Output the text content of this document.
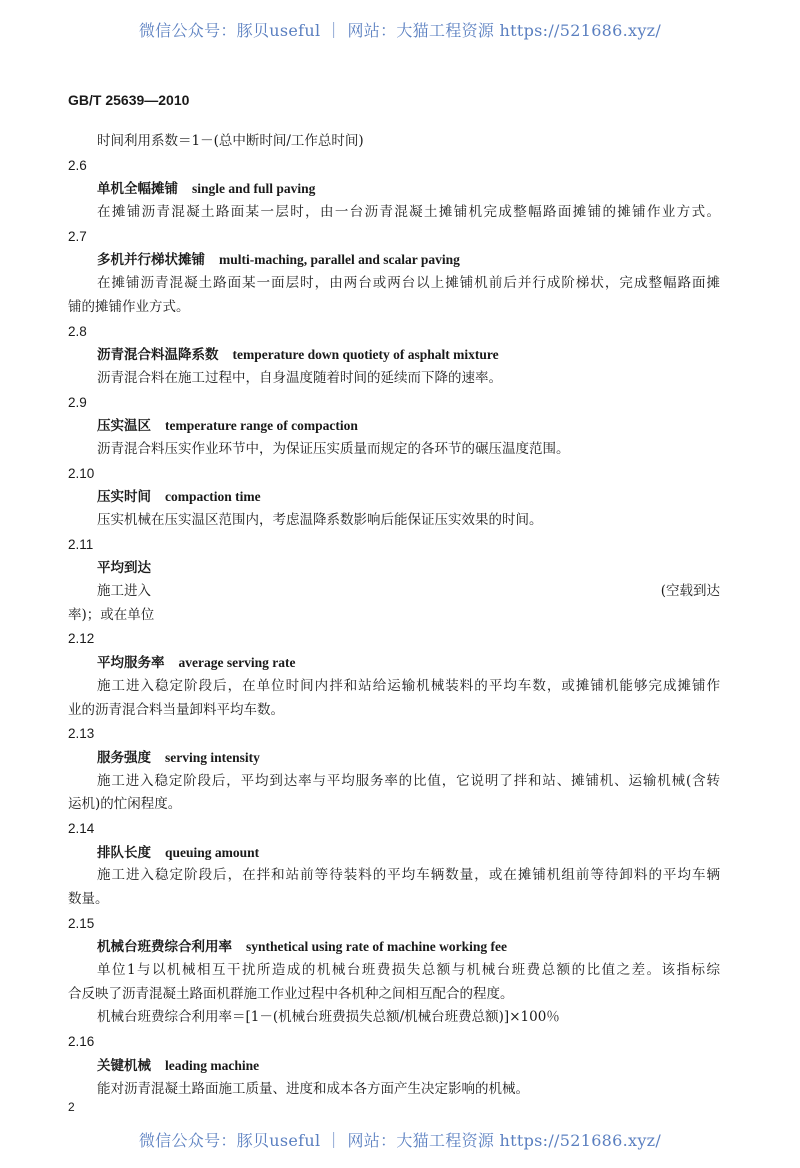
微信公众号：豚贝useful ｜ 网站：大猫工程资源 https://521686.xyz/
GB/T 25639—2010
时间利用系数＝1－(总中断时间/工作总时间)
2.6
单机全幅摊铺 single and full paving
在摊铺沥青混凝土路面某一层时，由一台沥青混凝土摊铺机完成整幅路面摊铺的摊铺作业方式。
2.7
多机并行梯状摊铺 multi-maching, parallel and scalar paving
在摊铺沥青混凝土路面某一面层时，由两台或两台以上摊铺机前后并行成阶梯状，完成整幅路面摊
铺的摊铺作业方式。
2.8
沥青混合料温降系数 temperature down quotiety of asphalt mixture
沥青混合料在施工过程中，自身温度随着时间的延续而下降的速率。
2.9
压实温区 temperature range of compaction
沥青混合料压实作业环节中，为保证压实质量而规定的各环节的碾压温度范围。
2.10
压实时间 compaction time
压实机械在压实温区范围内，考虑温降系数影响后能保证压实效果的时间。
2.11
平均到达
施工进入	(空载到达
率)；或在单位
2.12
平均服务率 average serving rate
施工进入稳定阶段后，在单位时间内拌和站给运输机械装料的平均车数，或摊铺机能够完成摊铺作
业的沥青混合料当量卸料平均车数。
2.13
服务强度 serving intensity
施工进入稳定阶段后，平均到达率与平均服务率的比值，它说明了拌和站、摊铺机、运输机械(含转
运机)的忙闲程度。
2.14
排队长度 queuing amount
施工进入稳定阶段后，在拌和站前等待装料的平均车辆数量，或在摊铺机组前等待卸料的平均车辆
数量。
2.15
机械台班费综合利用率 synthetical using rate of machine working fee
单位1与以机械相互干扰所造成的机械台班费损失总额与机械台班费总额的比值之差。该指标综
合反映了沥青混凝土路面机群施工作业过程中各机种之间相互配合的程度。
机械台班费综合利用率＝[1－(机械台班费损失总额/机械台班费总额)]×100％
2.16
关键机械 leading machine
能对沥青混凝土路面施工质量、进度和成本各方面产生决定影响的机械。
2
微信公众号：豚贝useful ｜ 网站：大猫工程资源 https://521686.xyz/
